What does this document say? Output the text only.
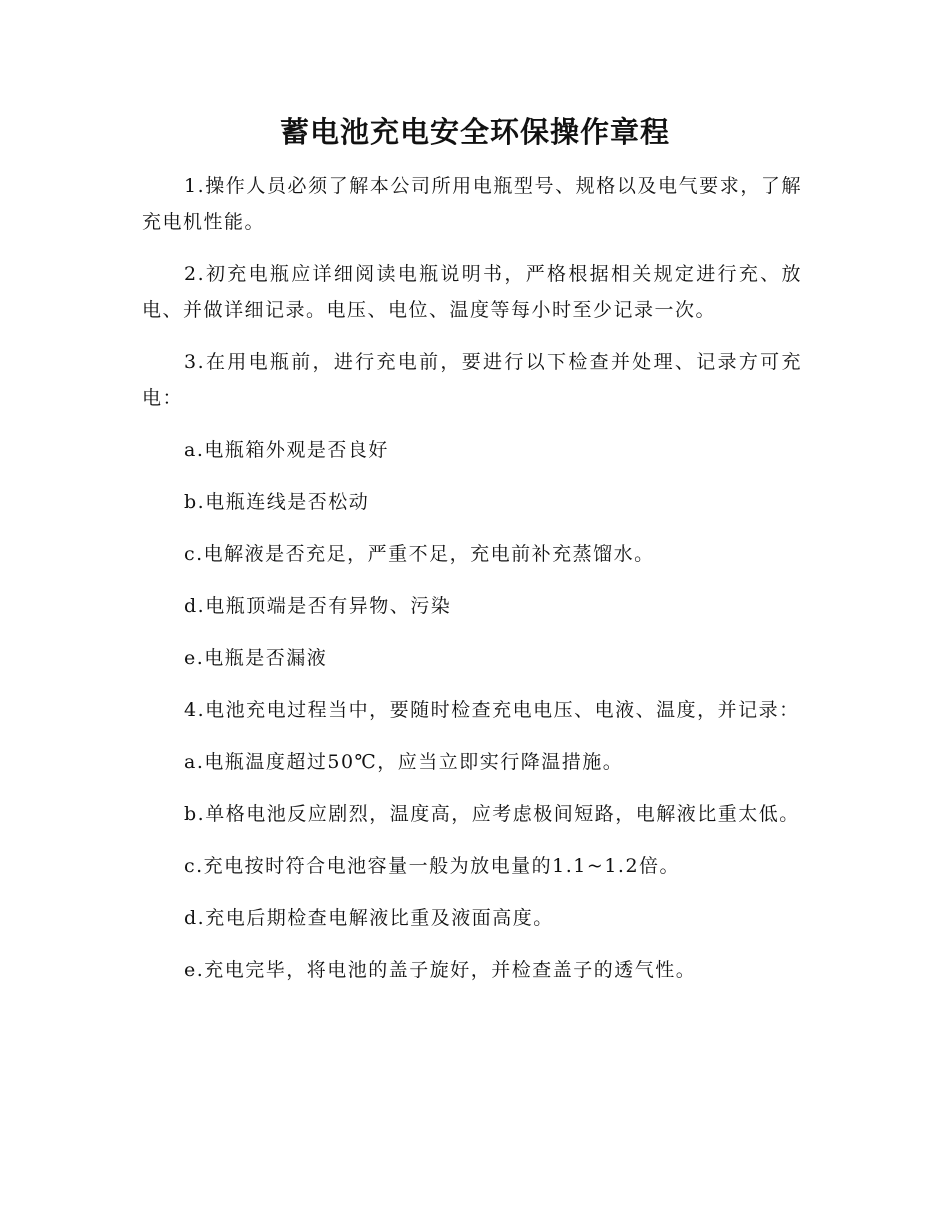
蓄电池充电安全环保操作章程

1.操作人员必须了解本公司所用电瓶型号、规格以及电气要求，了解充电机性能。

2.初充电瓶应详细阅读电瓶说明书，严格根据相关规定进行充、放电、并做详细记录。电压、电位、温度等每小时至少记录一次。

3.在用电瓶前，进行充电前，要进行以下检查并处理、记录方可充电：

a.电瓶箱外观是否良好

b.电瓶连线是否松动

c.电解液是否充足，严重不足，充电前补充蒸馏水。

d.电瓶顶端是否有异物、污染

e.电瓶是否漏液

4.电池充电过程当中，要随时检查充电电压、电液、温度，并记录：

a.电瓶温度超过50℃，应当立即实行降温措施。

b.单格电池反应剧烈，温度高，应考虑极间短路，电解液比重太低。

c.充电按时符合电池容量一般为放电量的1.1~1.2倍。

d.充电后期检查电解液比重及液面高度。

e.充电完毕，将电池的盖子旋好，并检查盖子的透气性。
